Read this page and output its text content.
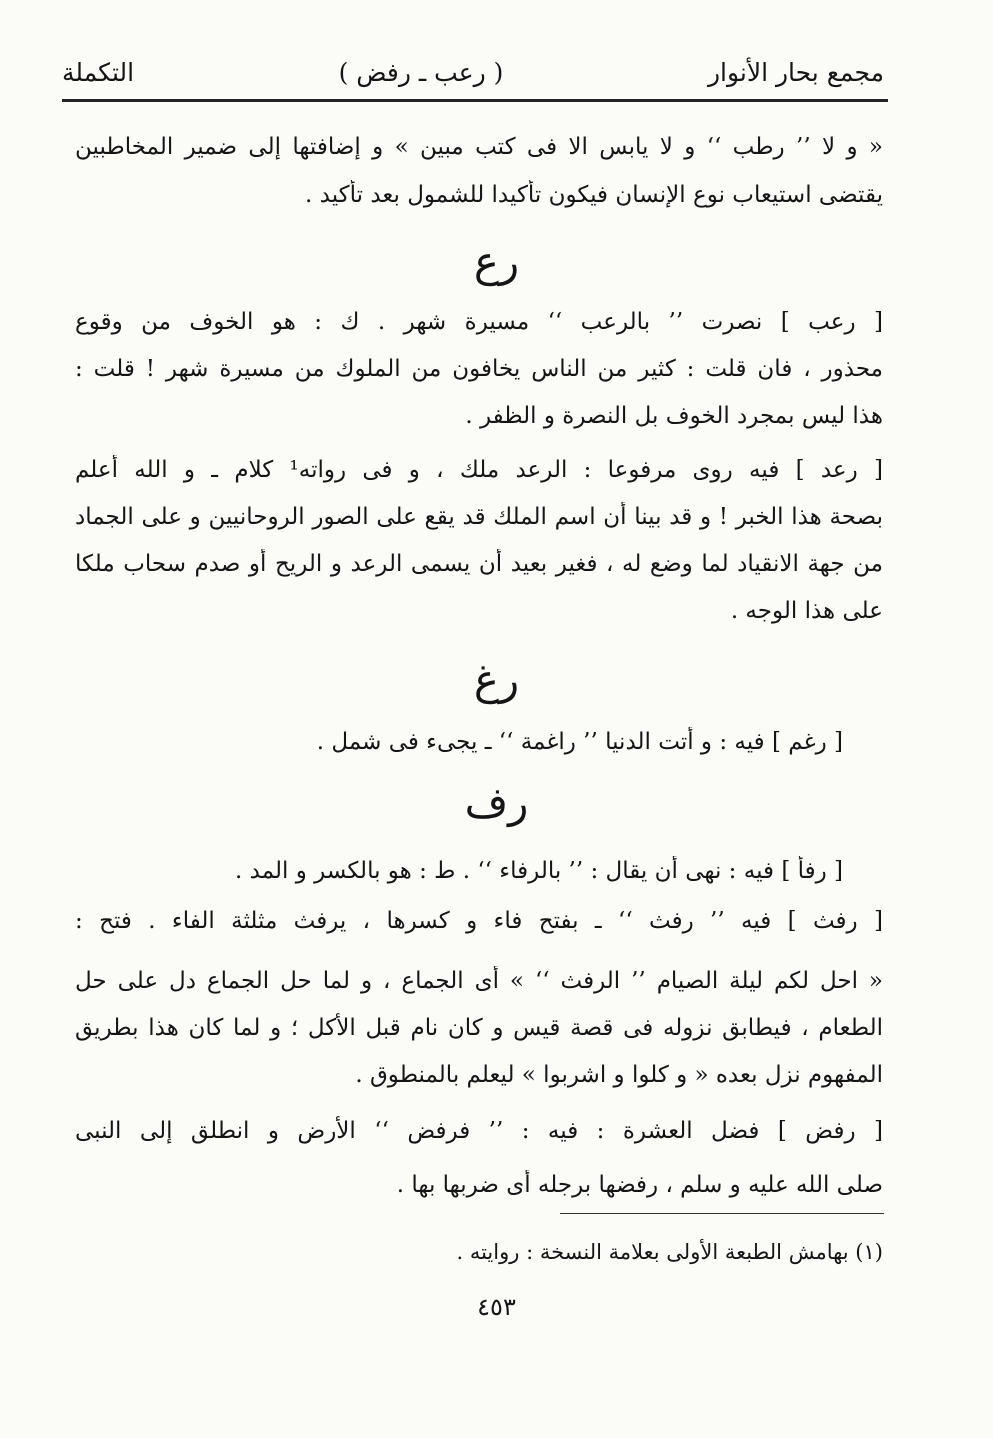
مجمع بحار الأنوار
( رعب ـ رفض )
التكملة
« و لا ’’ رطب ‘‘ و لا يابس الا فى كتب مبين » و إضافتها إلى ضمير المخاطبين
يقتضى استيعاب نوع الإنسان فيكون تأكيدا للشمول بعد تأكيد .
رع
[ رعب ] نصرت ’’ بالرعب ‘‘ مسيرة شهر . ك : هو الخوف من وقوع
محذور ، فان قلت : كثير من الناس يخافون من الملوك من مسيرة شهر ! قلت :
هذا ليس بمجرد الخوف بل النصرة و الظفر .
[ رعد ] فيه روى مرفوعا : الرعد ملك ، و فى رواته¹ كلام ـ و الله أعلم
بصحة هذا الخبر ! و قد بينا أن اسم الملك قد يقع على الصور الروحانيين و على الجماد
من جهة الانقياد لما وضع له ، فغير بعيد أن يسمى الرعد و الريح أو صدم سحاب ملكا
على هذا الوجه .
رغ
[ رغم ] فيه : و أتت الدنيا ’’ راغمة ‘‘ ـ يجىء فى شمل .
رف
[ رفأ ] فيه : نهى أن يقال : ’’ بالرفاء ‘‘ . ط : هو بالكسر و المد .
[ رفث ] فيه ’’ رفث ‘‘ ـ بفتح فاء و كسرها ، يرفث مثلثة الفاء . فتح :
« احل لكم ليلة الصيام ’’ الرفث ‘‘ » أى الجماع ، و لما حل الجماع دل على حل
الطعام ، فيطابق نزوله فى قصة قيس و كان نام قبل الأكل ؛ و لما كان هذا بطريق
المفهوم نزل بعده « و كلوا و اشربوا » ليعلم بالمنطوق .
[ رفض ] فضل العشرة : فيه : ’’ فرفض ‘‘ الأرض و انطلق إلى النبى
صلى الله عليه و سلم ، رفضها برجله أى ضربها بها .
(١) بهامش الطبعة الأولى بعلامة النسخة : روايته .
٤٥٣
